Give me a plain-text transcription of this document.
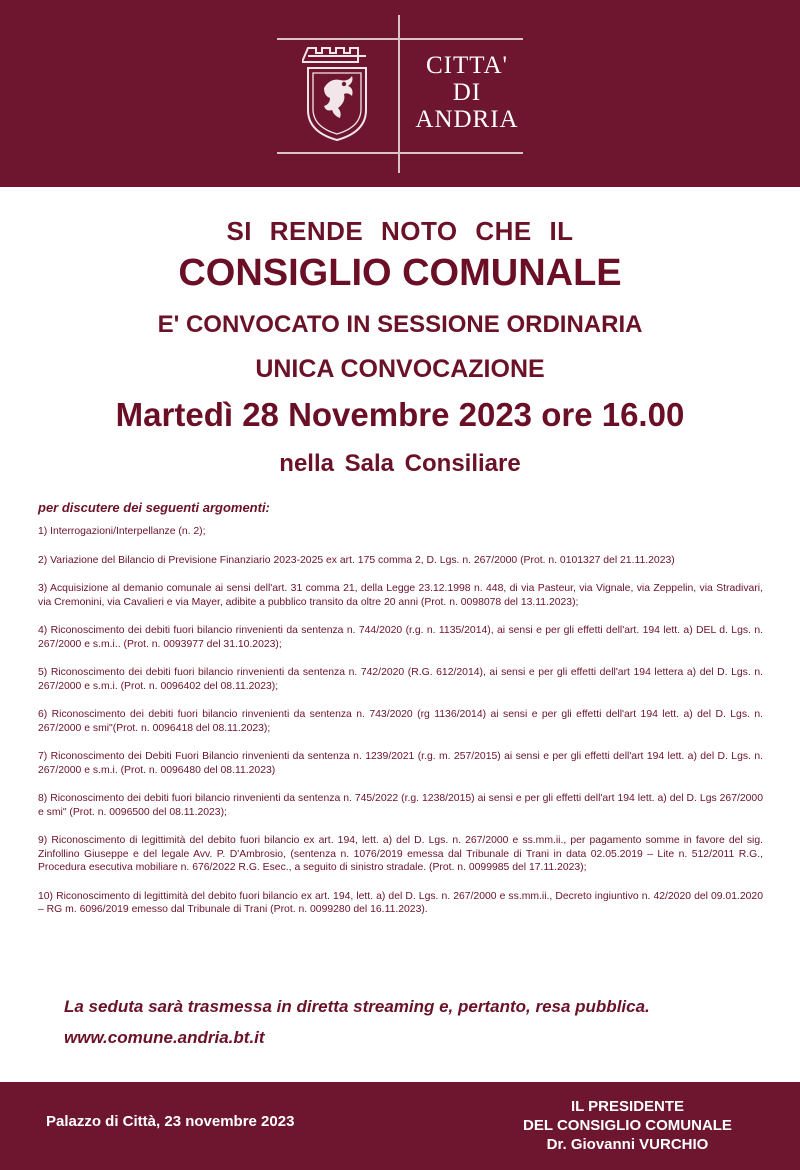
CITTA'
DI
ANDRIA
SI RENDE NOTO CHE IL
CONSIGLIO COMUNALE
E' CONVOCATO IN SESSIONE ORDINARIA
UNICA CONVOCAZIONE
Martedì 28 Novembre 2023 ore 16.00
nella Sala Consiliare
per discutere dei seguenti argomenti:

1) Interrogazioni/Interpellanze (n. 2);

2) Variazione del Bilancio di Previsione Finanziario 2023-2025 ex art. 175 comma 2, D. Lgs. n. 267/2000 (Prot. n. 0101327 del 21.11.2023)

3) Acquisizione al demanio comunale ai sensi dell'art. 31 comma 21, della Legge 23.12.1998 n. 448, di via Pasteur, via Vignale, via Zeppelin, via Stradivari, via Cremonini, via Cavalieri e via Mayer, adibite a pubblico transito da oltre 20 anni (Prot. n. 0098078 del 13.11.2023);

4) Riconoscimento dei debiti fuori bilancio rinvenienti da sentenza n. 744/2020 (r.g. n. 1135/2014), ai sensi e per gli effetti dell'art. 194 lett. a) DEL d. Lgs. n. 267/2000 e s.m.i.. (Prot. n. 0093977 del 31.10.2023);

5) Riconoscimento dei debiti fuori bilancio rinvenienti da sentenza n. 742/2020 (R.G. 612/2014), ai sensi e per gli effetti dell'art 194 lettera a) del D. Lgs. n. 267/2000 e s.m.i. (Prot. n. 0096402 del 08.11.2023);

6) Riconoscimento dei debiti fuori bilancio rinvenienti da sentenza n. 743/2020 (rg 1136/2014) ai sensi e per gli effetti dell'art 194 lett. a) del D. Lgs. n. 267/2000 e smi"(Prot. n. 0096418 del 08.11.2023);

7) Riconoscimento dei Debiti Fuori Bilancio rinvenienti da sentenza n. 1239/2021 (r.g. m. 257/2015) ai sensi e per gli effetti dell'art 194 lett. a) del D. Lgs. n. 267/2000 e s.m.i. (Prot. n. 0096480 del 08.11.2023)

8) Riconoscimento dei debiti fuori bilancio rinvenienti da sentenza n. 745/2022 (r.g. 1238/2015) ai sensi e per gli effetti dell'art 194 lett. a) del D. Lgs 267/2000 e smi" (Prot. n. 0096500 del 08.11.2023);

9) Riconoscimento di legittimità del debito fuori bilancio ex art. 194, lett. a) del D. Lgs. n. 267/2000 e ss.mm.ii., per pagamento somme in favore del sig. Zinfollino Giuseppe e del legale Avv. P. D'Ambrosio, (sentenza n. 1076/2019 emessa dal Tribunale di Trani in data 02.05.2019 – Lite n. 512/2011 R.G., Procedura esecutiva mobiliare n. 676/2022 R.G. Esec., a seguito di sinistro stradale. (Prot. n. 0099985 del 17.11.2023);

10) Riconoscimento di legittimità del debito fuori bilancio ex art. 194, lett. a) del D. Lgs. n. 267/2000 e ss.mm.ii., Decreto ingiuntivo n. 42/2020 del 09.01.2020 – RG m. 6096/2019 emesso dal Tribunale di Trani (Prot. n. 0099280 del 16.11.2023).

La seduta sarà trasmessa in diretta streaming e, pertanto, resa pubblica.
www.comune.andria.bt.it
Palazzo di Città, 23 novembre 2023
IL PRESIDENTE
DEL CONSIGLIO COMUNALE
Dr. Giovanni VURCHIO
